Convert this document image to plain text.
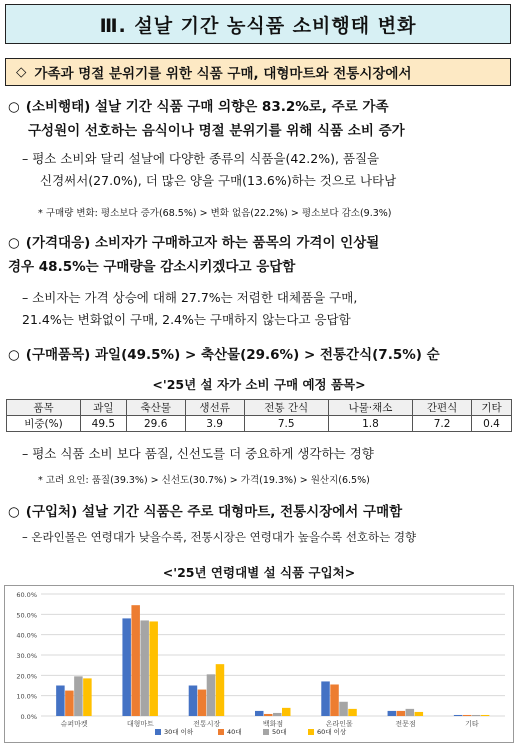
Ⅲ. 설날 기간 농식품 소비행태 변화
◇ 가족과 명절 분위기를 위한 식품 구매, 대형마트와 전통시장에서
○ (소비행태) 설날 기간 식품 구매 의향은 83.2%로, 주로 가족
구성원이 선호하는 음식이나 명절 분위기를 위해 식품 소비 증가
– 평소 소비와 달리 설날에 다양한 종류의 식품을(42.2%), 품질을
신경써서(27.0%), 더 많은 양을 구매(13.6%)하는 것으로 나타남
* 구매량 변화: 평소보다 증가(68.5%) > 변화 없음(22.2%) > 평소보다 감소(9.3%)
○ (가격대응) 소비자가 구매하고자 하는 품목의 가격이 인상될
경우 48.5%는 구매량을 감소시키겠다고 응답함
– 소비자는 가격 상승에 대해 27.7%는 저렴한 대체품을 구매,
21.4%는 변화없이 구매, 2.4%는 구매하지 않는다고 응답함
○ (구매품목) 과일(49.5%) > 축산물(29.6%) > 전통간식(7.5%) 순
<'25년 설 자가 소비 구매 예정 품목>
품목	과일	축산물	생선류	전통 간식	나물·채소	간편식	기타
비중(%)	49.5	29.6	3.9	7.5	1.8	7.2	0.4
– 평소 식품 소비 보다 품질, 신선도를 더 중요하게 생각하는 경향
* 고려 요인: 품질(39.3%) > 신선도(30.7%) > 가격(19.3%) > 원산지(6.5%)
○ (구입처) 설날 기간 식품은 주로 대형마트, 전통시장에서 구매함
– 온라인몰은 연령대가 낮을수록, 전통시장은 연령대가 높을수록 선호하는 경향
<'25년 연령대별 설 식품 구입처>
0.0%
10.0%
20.0%
30.0%
40.0%
50.0%
60.0%
슈퍼마켓	대형마트	전통시장	백화점	온라인몰	전문점	기타
30대 이하	40대	50대	60대 이상
